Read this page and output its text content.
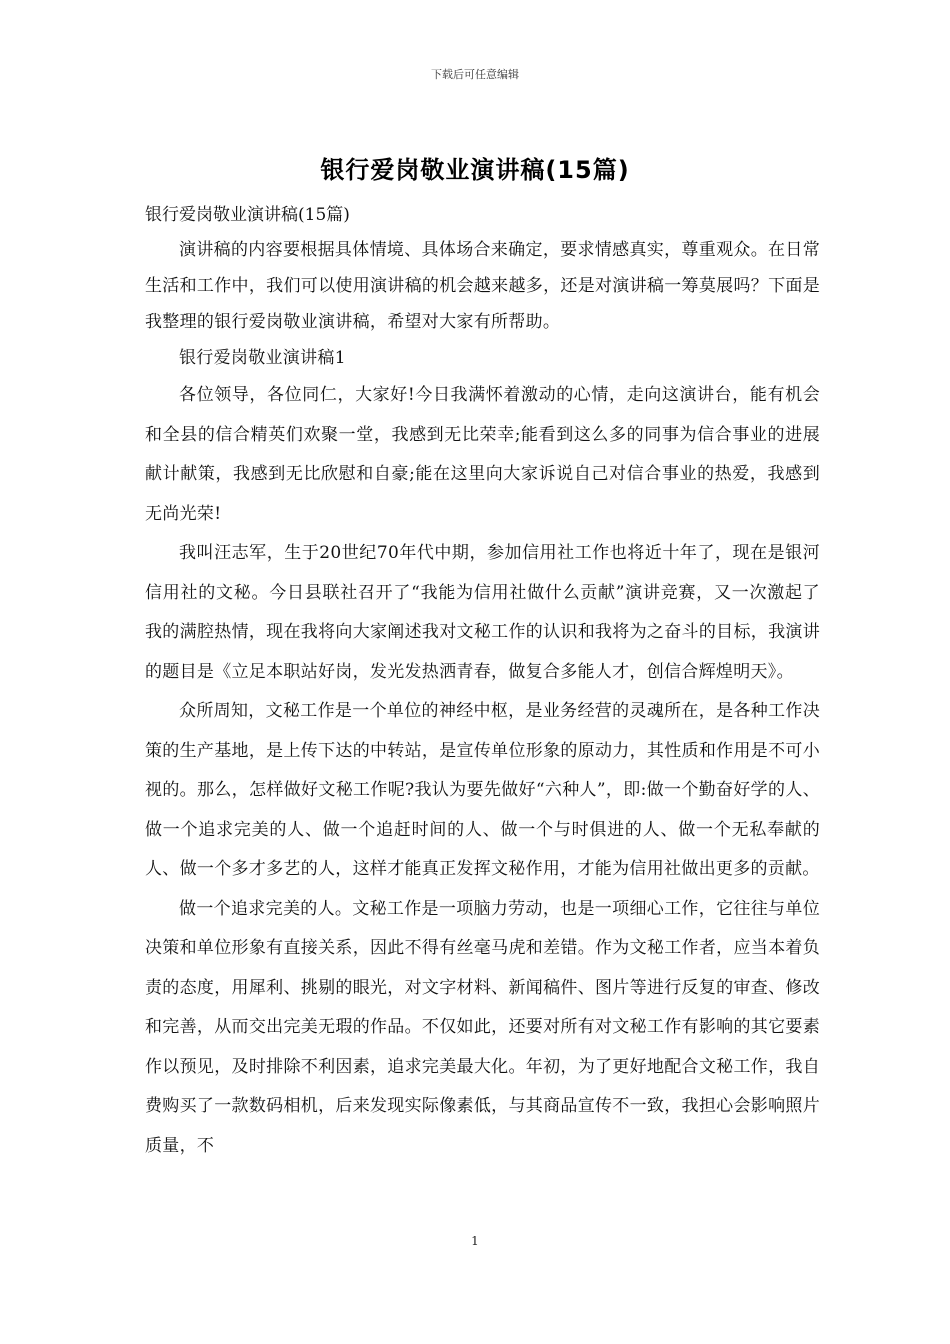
下载后可任意编辑
银行爱岗敬业演讲稿(15篇)

银行爱岗敬业演讲稿(15篇)

演讲稿的内容要根据具体情境、具体场合来确定，要求情感真实，尊重观众。在日常生活和工作中，我们可以使用演讲稿的机会越来越多，还是对演讲稿一筹莫展吗？下面是我整理的银行爱岗敬业演讲稿，希望对大家有所帮助。

银行爱岗敬业演讲稿1

各位领导，各位同仁，大家好!今日我满怀着激动的心情，走向这演讲台，能有机会和全县的信合精英们欢聚一堂，我感到无比荣幸;能看到这么多的同事为信合事业的进展献计献策，我感到无比欣慰和自豪;能在这里向大家诉说自己对信合事业的热爱，我感到无尚光荣!

我叫汪志军，生于20世纪70年代中期，参加信用社工作也将近十年了，现在是银河信用社的文秘。今日县联社召开了“我能为信用社做什么贡献”演讲竞赛，又一次激起了我的满腔热情，现在我将向大家阐述我对文秘工作的认识和我将为之奋斗的目标，我演讲的题目是《立足本职站好岗，发光发热洒青春，做复合多能人才，创信合辉煌明天》。

众所周知，文秘工作是一个单位的神经中枢，是业务经营的灵魂所在，是各种工作决策的生产基地，是上传下达的中转站，是宣传单位形象的原动力，其性质和作用是不可小视的。那么，怎样做好文秘工作呢?我认为要先做好“六种人”，即:做一个勤奋好学的人、做一个追求完美的人、做一个追赶时间的人、做一个与时俱进的人、做一个无私奉献的人、做一个多才多艺的人，这样才能真正发挥文秘作用，才能为信用社做出更多的贡献。

做一个追求完美的人。文秘工作是一项脑力劳动，也是一项细心工作，它往往与单位决策和单位形象有直接关系，因此不得有丝毫马虎和差错。作为文秘工作者，应当本着负责的态度，用犀利、挑剔的眼光，对文字材料、新闻稿件、图片等进行反复的审查、修改和完善，从而交出完美无瑕的作品。不仅如此，还要对所有对文秘工作有影响的其它要素作以预见，及时排除不利因素，追求完美最大化。年初，为了更好地配合文秘工作，我自费购买了一款数码相机，后来发现实际像素低，与其商品宣传不一致，我担心会影响照片质量，不

1
